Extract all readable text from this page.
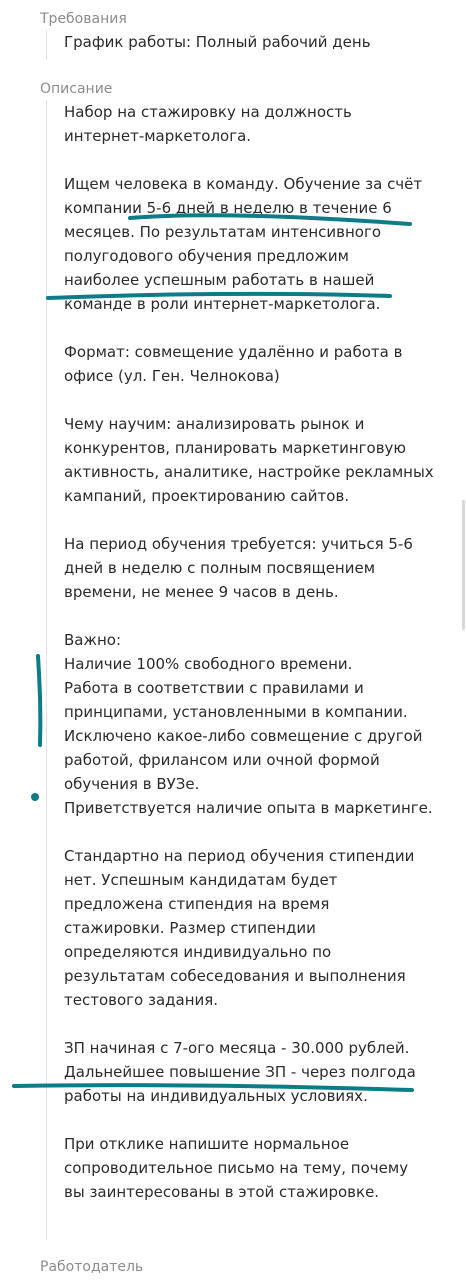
Требования
График работы: Полный рабочий день
Описание
Набор на стажировку на должность
интернет-маркетолога.
Ищем человека в команду. Обучение за счёт
компании 5-6 дней в неделю в течение 6
месяцев. По результатам интенсивного
полугодового обучения предложим
наиболее успешным работать в нашей
команде в роли интернет-маркетолога.
Формат: совмещение удалённо и работа в
офисе (ул. Ген. Челнокова)
Чему научим: анализировать рынок и
конкурентов, планировать маркетинговую
активность, аналитике, настройке рекламных
кампаний, проектированию сайтов.
На период обучения требуется: учиться 5-6
дней в неделю с полным посвящением
времени, не менее 9 часов в день.
Важно:
Наличие 100% свободного времени.
Работа в соответствии с правилами и
принципами, установленными в компании.
Исключено какое-либо совмещение с другой
работой, фрилансом или очной формой
обучения в ВУЗе.
Приветствуется наличие опыта в маркетинге.
Стандартно на период обучения стипендии
нет. Успешным кандидатам будет
предложена стипендия на время
стажировки. Размер стипендии
определяются индивидуально по
результатам собеседования и выполнения
тестового задания.
ЗП начиная с 7-ого месяца - 30.000 рублей.
Дальнейшее повышение ЗП - через полгода
работы на индивидуальных условиях.
При отклике напишите нормальное
сопроводительное письмо на тему, почему
вы заинтересованы в этой стажировке.
Работодатель
